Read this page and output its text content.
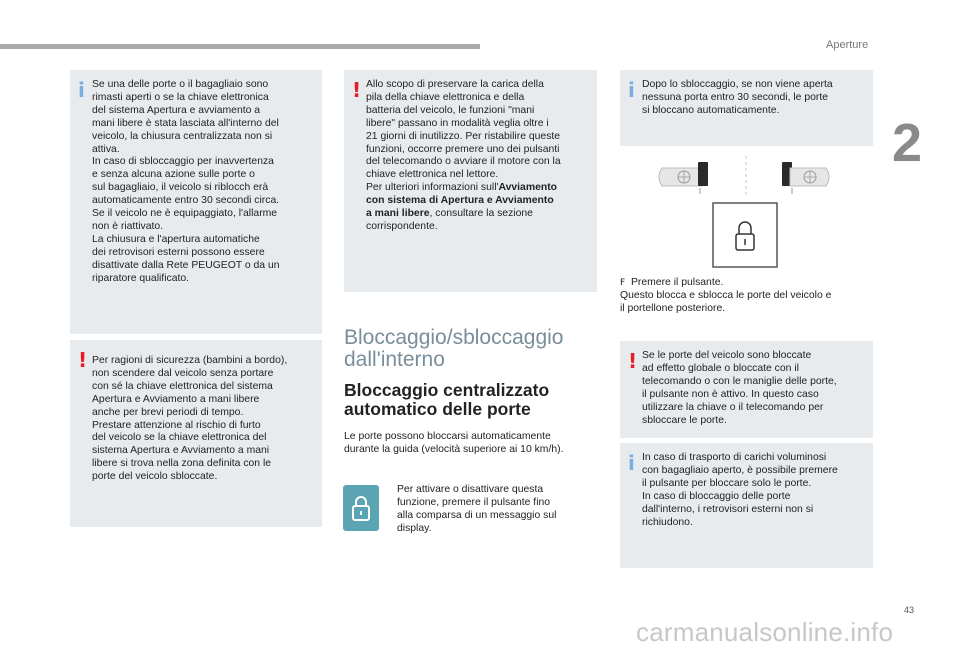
Aperture
2
i Se una delle porte o il bagagliaio sono
rimasti aperti o se la chiave elettronica
del sistema Apertura e avviamento a
mani libere è stata lasciata all'interno del
veicolo, la chiusura centralizzata non si
attiva.
In caso di sbloccaggio per inavvertenza
e senza alcuna azione sulle porte o
sul bagagliaio, il veicolo si riblocch erà
automaticamente entro 30 secondi circa.
Se il veicolo ne è equipaggiato, l'allarme
non è riattivato.
La chiusura e l'apertura automatiche
dei retrovisori esterni possono essere
disattivate dalla Rete PEUGEOT o da un
riparatore qualificato.

! Per ragioni di sicurezza (bambini a bordo),
non scendere dal veicolo senza portare
con sé la chiave elettronica del sistema
Apertura e Avviamento a mani libere
anche per brevi periodi di tempo.
Prestare attenzione al rischio di furto
del veicolo se la chiave elettronica del
sistema Apertura e Avviamento a mani
libere si trova nella zona definita con le
porte del veicolo sbloccate.

! Allo scopo di preservare la carica della
pila della chiave elettronica e della
batteria del veicolo, le funzioni "mani
libere" passano in modalità veglia oltre i
21 giorni di inutilizzo. Per ristabilire queste
funzioni, occorre premere uno dei pulsanti
del telecomando o avviare il motore con la
chiave elettronica nel lettore.
Per ulteriori informazioni sull'Avviamento
con sistema di Apertura e Avviamento
a mani libere, consultare la sezione
corrispondente.

Bloccaggio/sbloccaggio
dall'interno
Bloccaggio centralizzato
automatico delle porte
Le porte possono bloccarsi automaticamente
durante la guida (velocità superiore ai 10 km/h).
Per attivare o disattivare questa
funzione, premere il pulsante fino
alla comparsa di un messaggio sul
display.
i Dopo lo sbloccaggio, se non viene aperta
nessuna porta entro 30 secondi, le porte
si bloccano automaticamente.

F Premere il pulsante.
Questo blocca e sblocca le porte del veicolo e
il portellone posteriore.
! Se le porte del veicolo sono bloccate
ad effetto globale o bloccate con il
telecomando o con le maniglie delle porte,
il pulsante non è attivo. In questo caso
utilizzare la chiave o il telecomando per
sbloccare le porte.

i In caso di trasporto di carichi voluminosi
con bagagliaio aperto, è possibile premere
il pulsante per bloccare solo le porte.
In caso di bloccaggio delle porte
dall'interno, i retrovisori esterni non si
richiudono.

43
carmanualsonline.info
